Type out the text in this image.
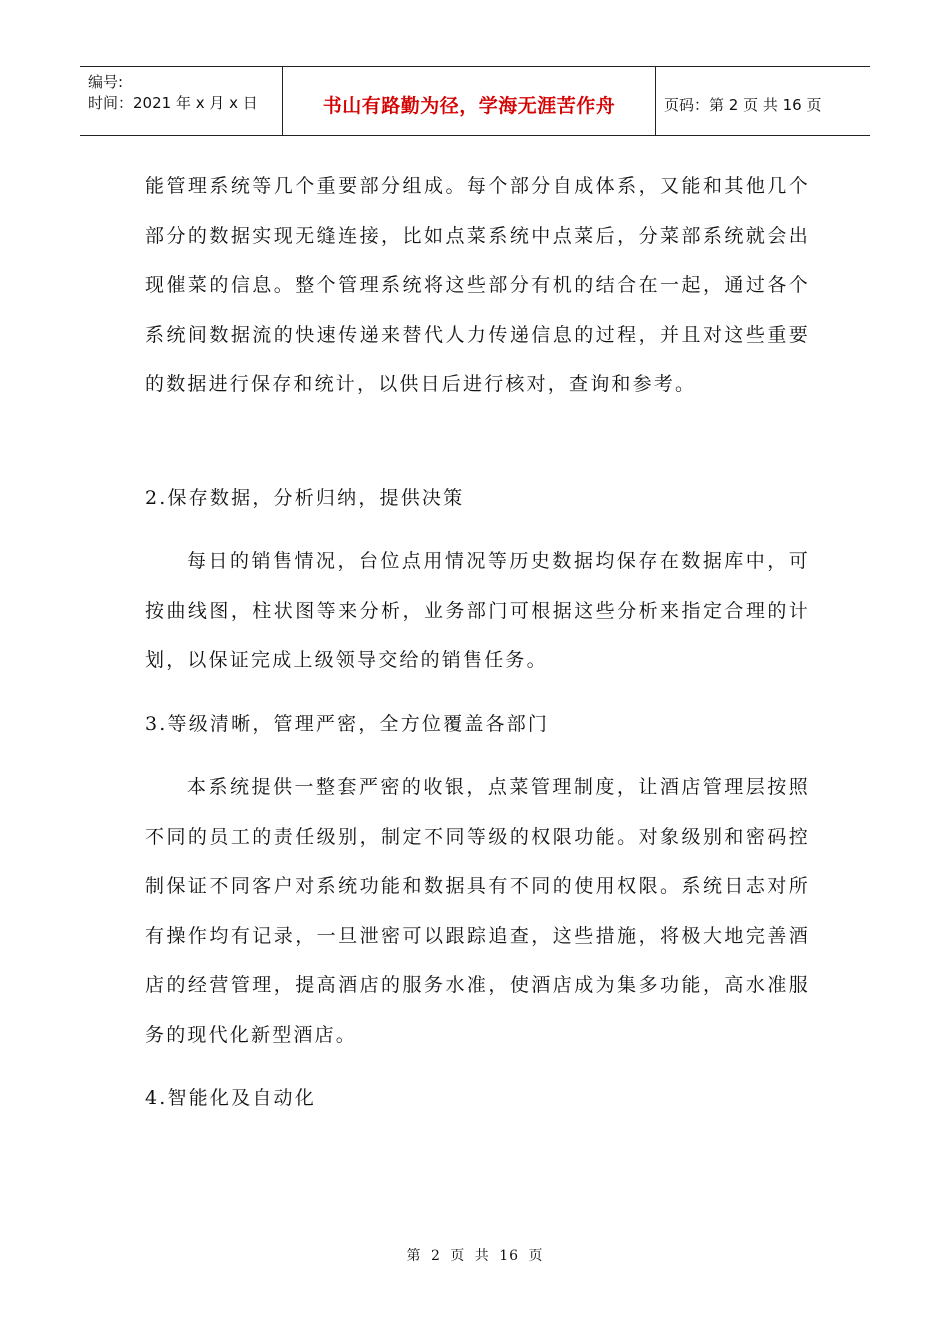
编号:
时间：2021 年 x 月 x 日	书山有路勤为径，学海无涯苦作舟	页码：第 2 页 共 16 页

能管理系统等几个重要部分组成。每个部分自成体系，又能和其他几个部分的数据实现无缝连接，比如点菜系统中点菜后，分菜部系统就会出现催菜的信息。整个管理系统将这些部分有机的结合在一起，通过各个系统间数据流的快速传递来替代人力传递信息的过程，并且对这些重要的数据进行保存和统计，以供日后进行核对，查询和参考。

2.保存数据，分析归纳，提供决策

每日的销售情况，台位点用情况等历史数据均保存在数据库中，可按曲线图，柱状图等来分析，业务部门可根据这些分析来指定合理的计划，以保证完成上级领导交给的销售任务。

3.等级清晰，管理严密，全方位覆盖各部门

本系统提供一整套严密的收银，点菜管理制度，让酒店管理层按照不同的员工的责任级别，制定不同等级的权限功能。对象级别和密码控制保证不同客户对系统功能和数据具有不同的使用权限。系统日志对所有操作均有记录，一旦泄密可以跟踪追查，这些措施，将极大地完善酒店的经营管理，提高酒店的服务水准，使酒店成为集多功能，高水准服务的现代化新型酒店。

4.智能化及自动化

第 2 页 共 16 页
